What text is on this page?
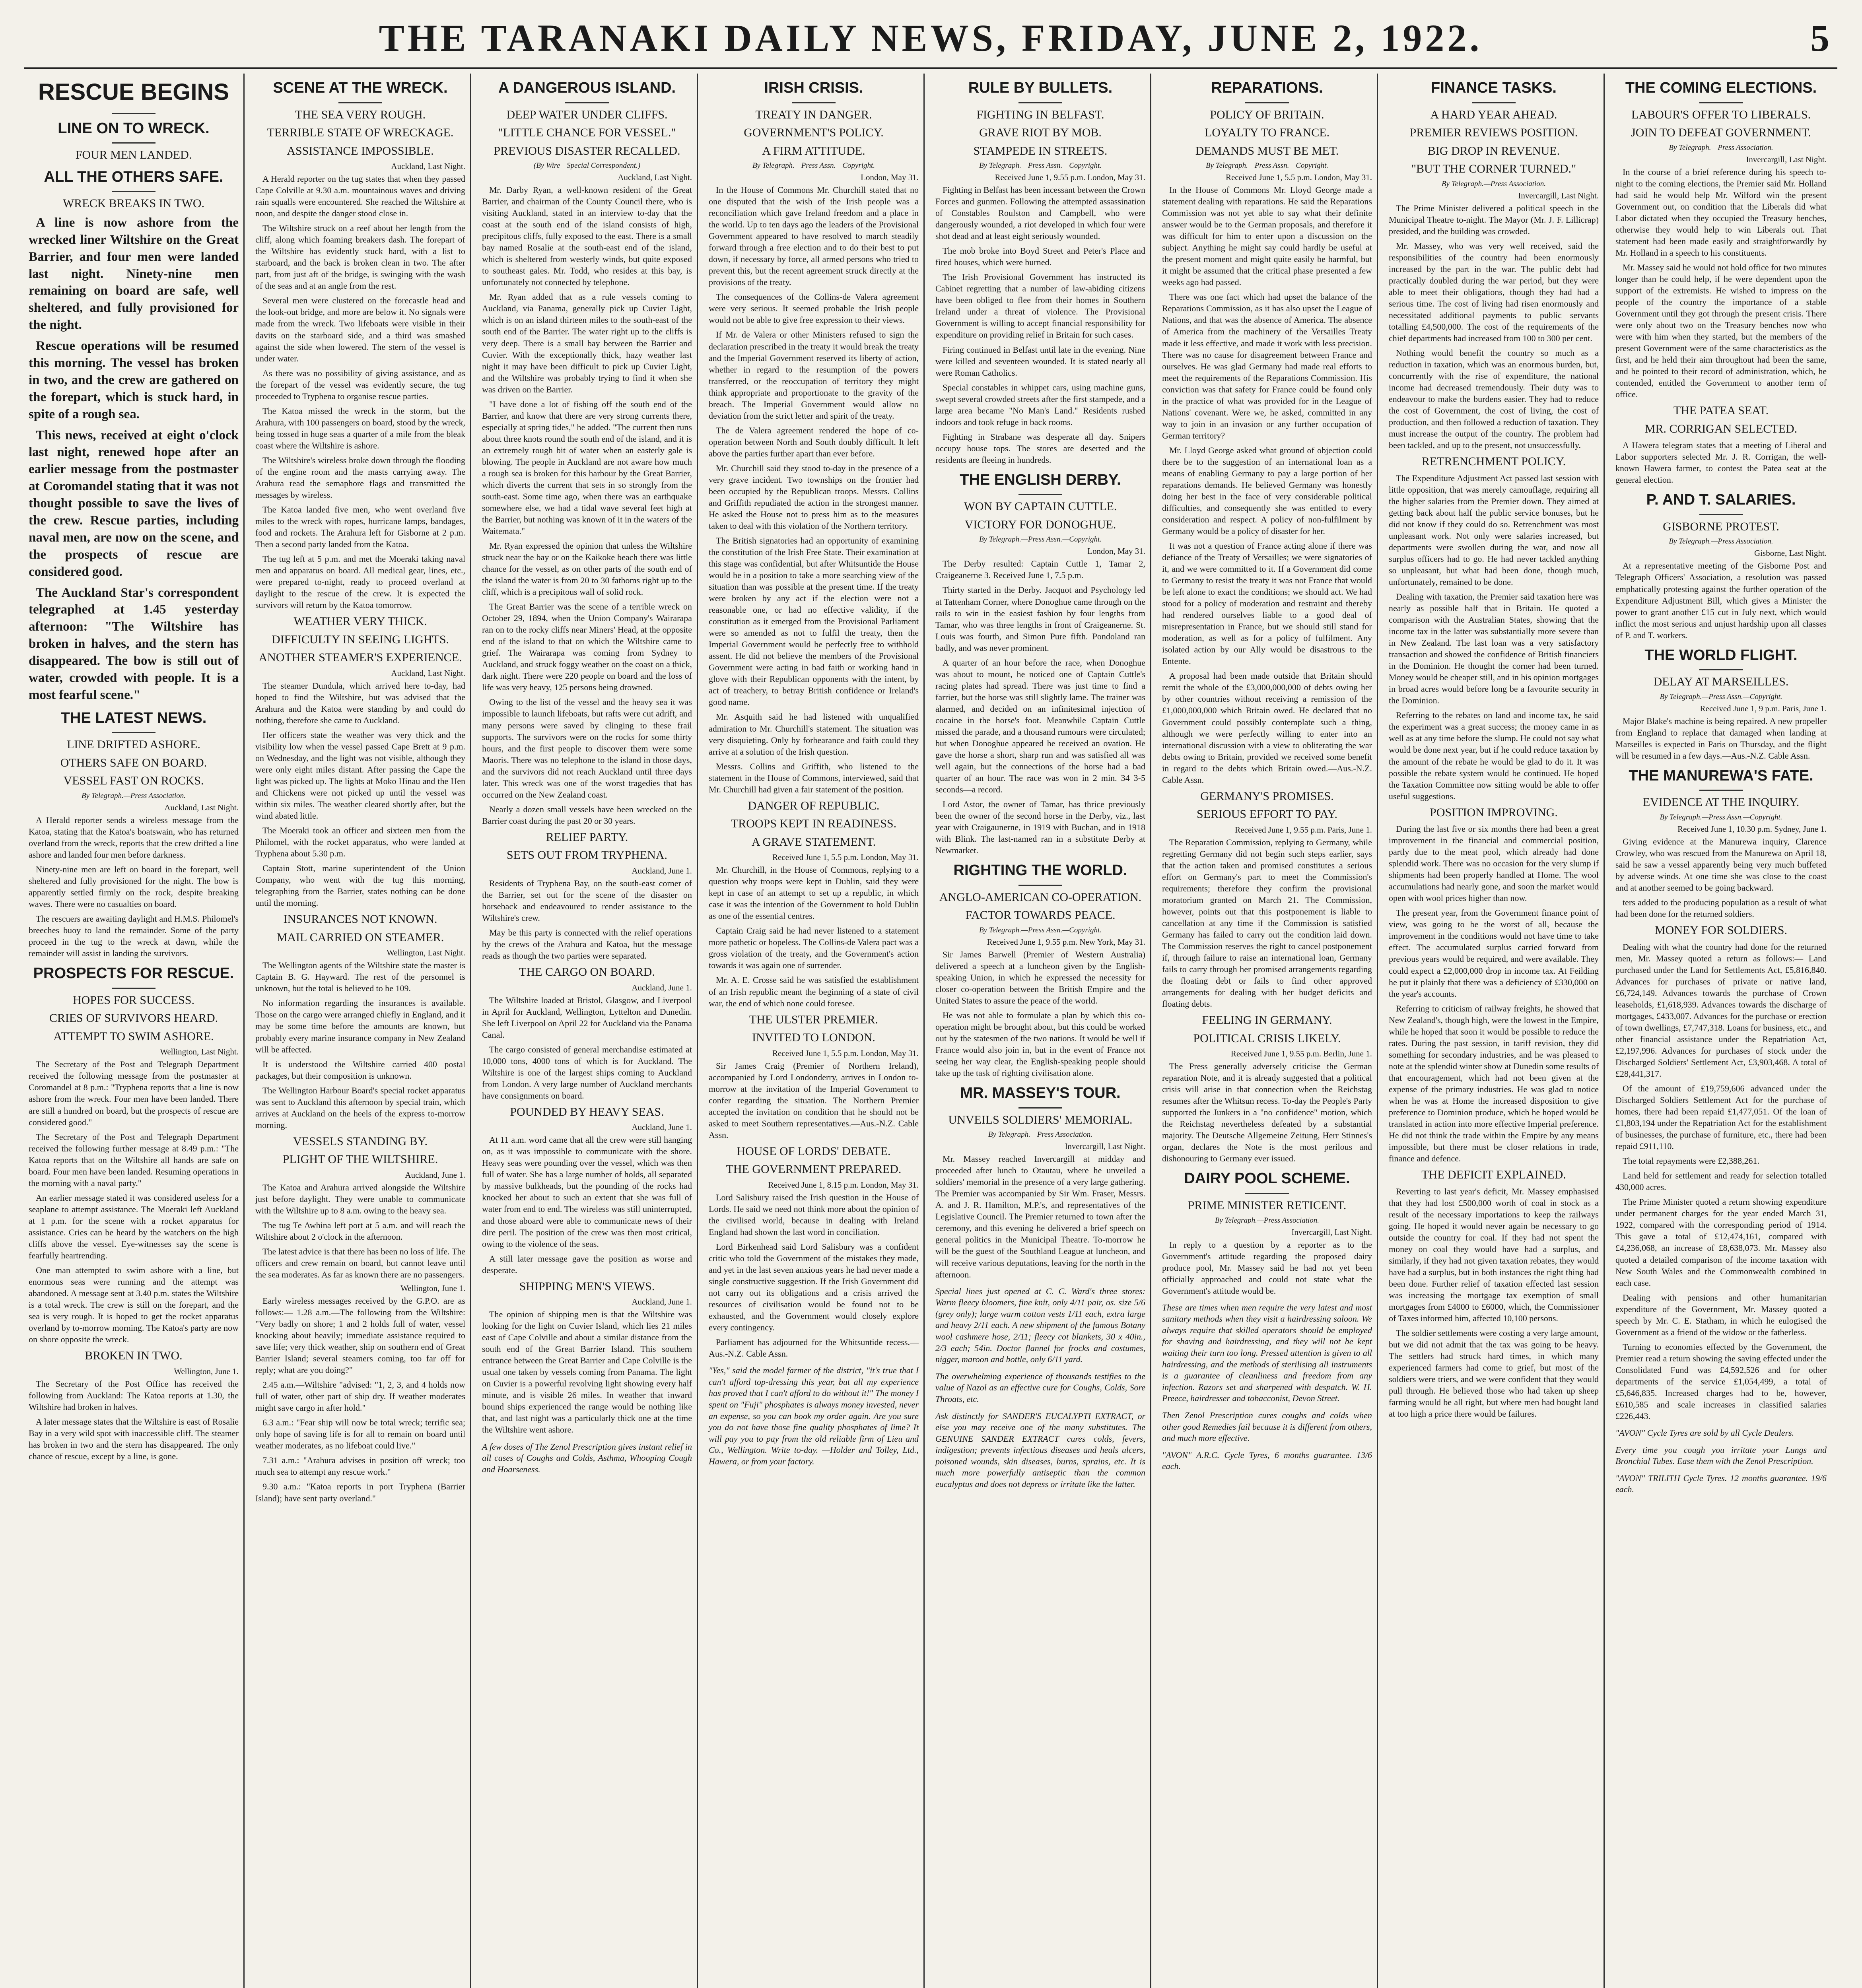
THE TARANAKI DAILY NEWS, FRIDAY, JUNE 2, 1922.	5
RESCUE BEGINS
LINE ON TO WRECK.
FOUR MEN LANDED.
ALL THE OTHERS SAFE.
WRECK BREAKS IN TWO.
A line is now ashore from the wrecked liner Wiltshire on the Great Barrier, and four men were landed last night. Ninety-nine men remaining on board are safe, well sheltered, and fully provisioned for the night.
Rescue operations will be resumed this morning. The vessel has broken in two, and the crew are gathered on the forepart, which is stuck hard, in spite of a rough sea.
This news, received at eight o'clock last night, renewed hope after an earlier message from the postmaster at Coromandel stating that it was not thought possible to save the lives of the crew. Rescue parties, including naval men, are now on the scene, and the prospects of rescue are considered good.
The Auckland Star's correspondent telegraphed at 1.45 yesterday afternoon: "The Wiltshire has broken in halves, and the stern has disappeared. The bow is still out of water, crowded with people. It is a most fearful scene."
THE LATEST NEWS.
LINE DRIFTED ASHORE.
OTHERS SAFE ON BOARD.
VESSEL FAST ON ROCKS.
By Telegraph.—Press Association.
Auckland, Last Night.
A Herald reporter sends a wireless message from the Katoa, stating that the Katoa's boatswain, who has returned overland from the wreck, reports that the crew drifted a line ashore and landed four men before darkness.
Ninety-nine men are left on board in the forepart, well sheltered and fully provisioned for the night. The bow is apparently settled firmly on the rock, despite breaking waves. There were no casualties on board.
The rescuers are awaiting daylight and H.M.S. Philomel's breeches buoy to land the remainder. Some of the party proceed in the tug to the wreck at dawn, while the remainder will assist in landing the survivors.
PROSPECTS FOR RESCUE.
HOPES FOR SUCCESS.
CRIES OF SURVIVORS HEARD.
ATTEMPT TO SWIM ASHORE.
Wellington, Last Night.
The Secretary of the Post and Telegraph Department received the following message from the postmaster at Coromandel at 8 p.m.: "Tryphena reports that a line is now ashore from the wreck. Four men have been landed. There are still a hundred on board, but the prospects of rescue are considered good."
The Secretary of the Post and Telegraph Department received the following further message at 8.49 p.m.: "The Katoa reports that on the Wiltshire all hands are safe on board. Four men have been landed. Resuming operations in the morning with a naval party."
An earlier message stated it was considered useless for a seaplane to attempt assistance. The Moeraki left Auckland at 1 p.m. for the scene with a rocket apparatus for assistance. Cries can be heard by the watchers on the high cliffs above the vessel. Eye-witnesses say the scene is fearfully heartrending.
One man attempted to swim ashore with a line, but enormous seas were running and the attempt was abandoned. A message sent at 3.40 p.m. states the Wiltshire is a total wreck. The crew is still on the forepart, and the sea is very rough. It is hoped to get the rocket apparatus overland by to-morrow morning. The Katoa's party are now on shore opposite the wreck.
BROKEN IN TWO.
Wellington, June 1.
The Secretary of the Post Office has received the following from Auckland: The Katoa reports at 1.30, the Wiltshire had broken in halves.
A later message states that the Wiltshire is east of Rosalie Bay in a very wild spot with inaccessible cliff. The steamer has broken in two and the stern has disappeared. The only chance of rescue, except by a line, is gone.
SCENE AT THE WRECK.
THE SEA VERY ROUGH.
TERRIBLE STATE OF WRECKAGE.
ASSISTANCE IMPOSSIBLE.
Auckland, Last Night.
A Herald reporter on the tug states that when they passed Cape Colville at 9.30 a.m. mountainous waves and driving rain squalls were encountered. She reached the Wiltshire at noon, and despite the danger stood close in.
The Wiltshire struck on a reef about her length from the cliff, along which foaming breakers dash. The forepart of the Wiltshire has evidently stuck hard, with a list to starboard, and the back is broken clean in two. The after part, from just aft of the bridge, is swinging with the wash of the seas and at an angle from the rest.
Several men were clustered on the forecastle head and the look-out bridge, and more are below it. No signals were made from the wreck. Two lifeboats were visible in their davits on the starboard side, and a third was smashed against the side when lowered. The stern of the vessel is under water.
As there was no possibility of giving assistance, and as the forepart of the vessel was evidently secure, the tug proceeded to Tryphena to organise rescue parties.
The Katoa missed the wreck in the storm, but the Arahura, with 100 passengers on board, stood by the wreck, being tossed in huge seas a quarter of a mile from the bleak coast where the Wiltshire is ashore.
The Wiltshire's wireless broke down through the flooding of the engine room and the masts carrying away. The Arahura read the semaphore flags and transmitted the messages by wireless.
The Katoa landed five men, who went overland five miles to the wreck with ropes, hurricane lamps, bandages, food and rockets. The Arahura left for Gisborne at 2 p.m. Then a second party landed from the Katoa.
The tug left at 5 p.m. and met the Moeraki taking naval men and apparatus on board. All medical gear, lines, etc., were prepared to-night, ready to proceed overland at daylight to the rescue of the crew. It is expected the survivors will return by the Katoa tomorrow.
WEATHER VERY THICK.
DIFFICULTY IN SEEING LIGHTS.
ANOTHER STEAMER'S EXPERIENCE.
Auckland, Last Night.
The steamer Dundula, which arrived here to-day, had hoped to find the Wiltshire, but was advised that the Arahura and the Katoa were standing by and could do nothing, therefore she came to Auckland.
Her officers state the weather was very thick and the visibility low when the vessel passed Cape Brett at 9 p.m. on Wednesday, and the light was not visible, although they were only eight miles distant. After passing the Cape the light was picked up. The lights at Moko Hinau and the Hen and Chickens were not picked up until the vessel was within six miles. The weather cleared shortly after, but the wind abated little.
The Moeraki took an officer and sixteen men from the Philomel, with the rocket apparatus, who were landed at Tryphena about 5.30 p.m.
Captain Stott, marine superintendent of the Union Company, who went with the tug this morning, telegraphing from the Barrier, states nothing can be done until the morning.
INSURANCES NOT KNOWN.
MAIL CARRIED ON STEAMER.
Wellington, Last Night.
The Wellington agents of the Wiltshire state the master is Captain B. G. Hayward. The rest of the personnel is unknown, but the total is believed to be 109.
No information regarding the insurances is available. Those on the cargo were arranged chiefly in England, and it may be some time before the amounts are known, but probably every marine insurance company in New Zealand will be affected.
It is understood the Wiltshire carried 400 postal packages, but their composition is unknown.
The Wellington Harbour Board's special rocket apparatus was sent to Auckland this afternoon by special train, which arrives at Auckland on the heels of the express to-morrow morning.
VESSELS STANDING BY.
PLIGHT OF THE WILTSHIRE.
Auckland, June 1.
The Katoa and Arahura arrived alongside the Wiltshire just before daylight. They were unable to communicate with the Wiltshire up to 8 a.m. owing to the heavy sea.
The tug Te Awhina left port at 5 a.m. and will reach the Wiltshire about 2 o'clock in the afternoon.
The latest advice is that there has been no loss of life. The officers and crew remain on board, but cannot leave until the sea moderates. As far as known there are no passengers.
Wellington, June 1.
Early wireless messages received by the G.P.O. are as follows:— 1.28 a.m.—The following from the Wiltshire: "Very badly on shore; 1 and 2 holds full of water, vessel knocking about heavily; immediate assistance required to save life; very thick weather, ship on southern end of Great Barrier Island; several steamers coming, too far off for reply; what are you doing?"
2.45 a.m.—Wiltshire "advised: "1, 2, 3, and 4 holds now full of water, other part of ship dry. If weather moderates might save cargo in after hold."
6.3 a.m.: "Fear ship will now be total wreck; terrific sea; only hope of saving life is for all to remain on board until weather moderates, as no lifeboat could live."
7.31 a.m.: "Arahura advises in position off wreck; too much sea to attempt any rescue work."
9.30 a.m.: "Katoa reports in port Tryphena (Barrier Island); have sent party overland."
A DANGEROUS ISLAND.
DEEP WATER UNDER CLIFFS.
"LITTLE CHANCE FOR VESSEL."
PREVIOUS DISASTER RECALLED.
(By Wire—Special Correspondent.)
Auckland, Last Night.
Mr. Darby Ryan, a well-known resident of the Great Barrier, and chairman of the County Council there, who is visiting Auckland, stated in an interview to-day that the coast at the south end of the island consists of high, precipitous cliffs, fully exposed to the east. There is a small bay named Rosalie at the south-east end of the island, which is sheltered from westerly winds, but quite exposed to southeast gales. Mr. Todd, who resides at this bay, is unfortunately not connected by telephone.
Mr. Ryan added that as a rule vessels coming to Auckland, via Panama, generally pick up Cuvier Light, which is on an island thirteen miles to the south-east of the south end of the Barrier. The water right up to the cliffs is very deep. There is a small bay between the Barrier and Cuvier. With the exceptionally thick, hazy weather last night it may have been difficult to pick up Cuvier Light, and the Wiltshire was probably trying to find it when she was driven on the Barrier.
"I have done a lot of fishing off the south end of the Barrier, and know that there are very strong currents there, especially at spring tides," he added. "The current then runs about three knots round the south end of the island, and it is an extremely rough bit of water when an easterly gale is blowing. The people in Auckland are not aware how much a rough sea is broken for this harbour by the Great Barrier, which diverts the current that sets in so strongly from the south-east. Some time ago, when there was an earthquake somewhere else, we had a tidal wave several feet high at the Barrier, but nothing was known of it in the waters of the Waitemata."
Mr. Ryan expressed the opinion that unless the Wiltshire struck near the bay or on the Kaikoke beach there was little chance for the vessel, as on other parts of the south end of the island the water is from 20 to 30 fathoms right up to the cliff, which is a precipitous wall of solid rock.
The Great Barrier was the scene of a terrible wreck on October 29, 1894, when the Union Company's Wairarapa ran on to the rocky cliffs near Miners' Head, at the opposite end of the island to that on which the Wiltshire came to grief. The Wairarapa was coming from Sydney to Auckland, and struck foggy weather on the coast on a thick, dark night. There were 220 people on board and the loss of life was very heavy, 125 persons being drowned.
Owing to the list of the vessel and the heavy sea it was impossible to launch lifeboats, but rafts were cut adrift, and many persons were saved by clinging to these frail supports. The survivors were on the rocks for some thirty hours, and the first people to discover them were some Maoris. There was no telephone to the island in those days, and the survivors did not reach Auckland until three days later. This wreck was one of the worst tragedies that has occurred on the New Zealand coast.
Nearly a dozen small vessels have been wrecked on the Barrier coast during the past 20 or 30 years.
RELIEF PARTY.
SETS OUT FROM TRYPHENA.
Auckland, June 1.
Residents of Tryphena Bay, on the south-east corner of the Barrier, set out for the scene of the disaster on horseback and endeavoured to render assistance to the Wiltshire's crew.
May be this party is connected with the relief operations by the crews of the Arahura and Katoa, but the message reads as though the two parties were separated.
THE CARGO ON BOARD.
Auckland, June 1.
The Wiltshire loaded at Bristol, Glasgow, and Liverpool in April for Auckland, Wellington, Lyttelton and Dunedin. She left Liverpool on April 22 for Auckland via the Panama Canal.
The cargo consisted of general merchandise estimated at 10,000 tons, 4000 tons of which is for Auckland. The Wiltshire is one of the largest ships coming to Auckland from London. A very large number of Auckland merchants have consignments on board.
POUNDED BY HEAVY SEAS.
Auckland, June 1.
At 11 a.m. word came that all the crew were still hanging on, as it was impossible to communicate with the shore. Heavy seas were pounding over the vessel, which was then full of water. She has a large number of holds, all separated by massive bulkheads, but the pounding of the rocks had knocked her about to such an extent that she was full of water from end to end. The wireless was still uninterrupted, and those aboard were able to communicate news of their dire peril. The position of the crew was then most critical, owing to the violence of the seas.
A still later message gave the position as worse and desperate.
SHIPPING MEN'S VIEWS.
Auckland, June 1.
The opinion of shipping men is that the Wiltshire was looking for the light on Cuvier Island, which lies 21 miles east of Cape Colville and about a similar distance from the south end of the Great Barrier Island. This southern entrance between the Great Barrier and Cape Colville is the usual one taken by vessels coming from Panama. The light on Cuvier is a powerful revolving light showing every half minute, and is visible 26 miles. In weather that inward bound ships experienced the range would be nothing like that, and last night was a particularly thick one at the time the Wiltshire went ashore.
A few doses of The Zenol Prescription gives instant relief in all cases of Coughs and Colds, Asthma, Whooping Cough and Hoarseness.
IRISH CRISIS.
TREATY IN DANGER.
GOVERNMENT'S POLICY.
A FIRM ATTITUDE.
By Telegraph.—Press Assn.—Copyright.
London, May 31.
In the House of Commons Mr. Churchill stated that no one disputed that the wish of the Irish people was a reconciliation which gave Ireland freedom and a place in the world. Up to ten days ago the leaders of the Provisional Government appeared to have resolved to march steadily forward through a free election and to do their best to put down, if necessary by force, all armed persons who tried to prevent this, but the recent agreement struck directly at the provisions of the treaty.
The consequences of the Collins-de Valera agreement were very serious. It seemed probable the Irish people would not be able to give free expression to their views.
If Mr. de Valera or other Ministers refused to sign the declaration prescribed in the treaty it would break the treaty and the Imperial Government reserved its liberty of action, whether in regard to the resumption of the powers transferred, or the reoccupation of territory they might think appropriate and proportionate to the gravity of the breach. The Imperial Government would allow no deviation from the strict letter and spirit of the treaty.
The de Valera agreement rendered the hope of co-operation between North and South doubly difficult. It left above the parties further apart than ever before.
Mr. Churchill said they stood to-day in the presence of a very grave incident. Two townships on the frontier had been occupied by the Republican troops. Messrs. Collins and Griffith repudiated the action in the strongest manner. He asked the House not to press him as to the measures taken to deal with this violation of the Northern territory.
The British signatories had an opportunity of examining the constitution of the Irish Free State. Their examination at this stage was confidential, but after Whitsuntide the House would be in a position to take a more searching view of the situation than was possible at the present time. If the treaty were broken by any act if the election were not a reasonable one, or had no effective validity, if the constitution as it emerged from the Provisional Parliament were so amended as not to fulfil the treaty, then the Imperial Government would be perfectly free to withhold assent. He did not believe the members of the Provisional Government were acting in bad faith or working hand in glove with their Republican opponents with the intent, by act of treachery, to betray British confidence or Ireland's good name.
Mr. Asquith said he had listened with unqualified admiration to Mr. Churchill's statement. The situation was very disquieting. Only by forbearance and faith could they arrive at a solution of the Irish question.
Messrs. Collins and Griffith, who listened to the statement in the House of Commons, interviewed, said that Mr. Churchill had given a fair statement of the position.
DANGER OF REPUBLIC.
TROOPS KEPT IN READINESS.
A GRAVE STATEMENT.
Received June 1, 5.5 p.m. London, May 31.
Mr. Churchill, in the House of Commons, replying to a question why troops were kept in Dublin, said they were kept in case of an attempt to set up a republic, in which case it was the intention of the Government to hold Dublin as one of the essential centres.
Captain Craig said he had never listened to a statement more pathetic or hopeless. The Collins-de Valera pact was a gross violation of the treaty, and the Government's action towards it was again one of surrender.
Mr. A. E. Crosse said he was satisfied the establishment of an Irish republic meant the beginning of a state of civil war, the end of which none could foresee.
THE ULSTER PREMIER.
INVITED TO LONDON.
Received June 1, 5.5 p.m. London, May 31.
Sir James Craig (Premier of Northern Ireland), accompanied by Lord Londonderry, arrives in London to-morrow at the invitation of the Imperial Government to confer regarding the situation. The Northern Premier accepted the invitation on condition that he should not be asked to meet Southern representatives.—Aus.-N.Z. Cable Assn.
HOUSE OF LORDS' DEBATE.
THE GOVERNMENT PREPARED.
Received June 1, 8.15 p.m. London, May 31.
Lord Salisbury raised the Irish question in the House of Lords. He said we need not think more about the opinion of the civilised world, because in dealing with Ireland England had shown the last word in conciliation.
Lord Birkenhead said Lord Salisbury was a confident critic who told the Government of the mistakes they made, and yet in the last seven anxious years he had never made a single constructive suggestion. If the Irish Government did not carry out its obligations and a crisis arrived the resources of civilisation would be found not to be exhausted, and the Government would closely explore every contingency.
Parliament has adjourned for the Whitsuntide recess.—Aus.-N.Z. Cable Assn.
"Yes," said the model farmer of the district, "it's true that I can't afford top-dressing this year, but all my experience has proved that I can't afford to do without it!" The money I spent on "Fuji" phosphates is always money invested, never an expense, so you can book my order again. Are you sure you do not have those fine quality phosphates of lime? It will pay you to pay from the old reliable firm of Lieu and Co., Wellington. Write to-day. —Holder and Tolley, Ltd., Hawera, or from your factory.
RULE BY BULLETS.
FIGHTING IN BELFAST.
GRAVE RIOT BY MOB.
STAMPEDE IN STREETS.
By Telegraph.—Press Assn.—Copyright.
Received June 1, 9.55 p.m. London, May 31.
Fighting in Belfast has been incessant between the Crown Forces and gunmen. Following the attempted assassination of Constables Roulston and Campbell, who were dangerously wounded, a riot developed in which four were shot dead and at least eight seriously wounded.
The mob broke into Boyd Street and Peter's Place and fired houses, which were burned.
The Irish Provisional Government has instructed its Cabinet regretting that a number of law-abiding citizens have been obliged to flee from their homes in Southern Ireland under a threat of violence. The Provisional Government is willing to accept financial responsibility for expenditure on providing relief in Britain for such cases.
Firing continued in Belfast until late in the evening. Nine were killed and seventeen wounded. It is stated nearly all were Roman Catholics.
Special constables in whippet cars, using machine guns, swept several crowded streets after the first stampede, and a large area became "No Man's Land." Residents rushed indoors and took refuge in back rooms.
Fighting in Strabane was desperate all day. Snipers occupy house tops. The stores are deserted and the residents are fleeing in hundreds.
THE ENGLISH DERBY.
WON BY CAPTAIN CUTTLE.
VICTORY FOR DONOGHUE.
By Telegraph.—Press Assn.—Copyright.
London, May 31.
The Derby resulted: Captain Cuttle 1, Tamar 2, Craigeanerne 3. Received June 1, 7.5 p.m.
Thirty started in the Derby. Jacquot and Psychology led at Tattenham Corner, where Donoghue came through on the rails to win in the easiest fashion by four lengths from Tamar, who was three lengths in front of Craigeanerne. St. Louis was fourth, and Simon Pure fifth. Pondoland ran badly, and was never prominent.
A quarter of an hour before the race, when Donoghue was about to mount, he noticed one of Captain Cuttle's racing plates had spread. There was just time to find a farrier, but the horse was still slightly lame. The trainer was alarmed, and decided on an infinitesimal injection of cocaine in the horse's foot. Meanwhile Captain Cuttle missed the parade, and a thousand rumours were circulated; but when Donoghue appeared he received an ovation. He gave the horse a short, sharp run and was satisfied all was well again, but the connections of the horse had a bad quarter of an hour. The race was won in 2 min. 34 3-5 seconds—a record.
Lord Astor, the owner of Tamar, has thrice previously been the owner of the second horse in the Derby, viz., last year with Craigaunerne, in 1919 with Buchan, and in 1918 with Blink. The last-named ran in a substitute Derby at Newmarket.
RIGHTING THE WORLD.
ANGLO-AMERICAN CO-OPERATION.
FACTOR TOWARDS PEACE.
By Telegraph.—Press Assn.—Copyright.
Received June 1, 9.55 p.m. New York, May 31.
Sir James Barwell (Premier of Western Australia) delivered a speech at a luncheon given by the English-speaking Union, in which he expressed the necessity for closer co-operation between the British Empire and the United States to assure the peace of the world.
He was not able to formulate a plan by which this co-operation might be brought about, but this could be worked out by the statesmen of the two nations. It would be well if France would also join in, but in the event of France not seeing her way clear, the English-speaking people should take up the task of righting civilisation alone.
MR. MASSEY'S TOUR.
UNVEILS SOLDIERS' MEMORIAL.
By Telegraph.—Press Association.
Invercargill, Last Night.
Mr. Massey reached Invercargill at midday and proceeded after lunch to Otautau, where he unveiled a soldiers' memorial in the presence of a very large gathering. The Premier was accompanied by Sir Wm. Fraser, Messrs. A. and J. R. Hamilton, M.P.'s, and representatives of the Legislative Council. The Premier returned to town after the ceremony, and this evening he delivered a brief speech on general politics in the Municipal Theatre. To-morrow he will be the guest of the Southland League at luncheon, and will receive various deputations, leaving for the north in the afternoon.
Special lines just opened at C. C. Ward's three stores: Warm fleecy bloomers, fine knit, only 4/11 pair, os. size 5/6 (grey only); large warm cotton vests 1/11 each, extra large and heavy 2/11 each. A new shipment of the famous Botany wool cashmere hose, 2/11; fleecy cot blankets, 30 x 40in., 2/3 each; 54in. Doctor flannel for frocks and costumes, nigger, maroon and bottle, only 6/11 yard.
The overwhelming experience of thousands testifies to the value of Nazol as an effective cure for Coughs, Colds, Sore Throats, etc.
Ask distinctly for SANDER'S EUCALYPTI EXTRACT, or else you may receive one of the many substitutes. The GENUINE SANDER EXTRACT cures colds, fevers, indigestion; prevents infectious diseases and heals ulcers, poisoned wounds, skin diseases, burns, sprains, etc. It is much more powerfully antiseptic than the common eucalyptus and does not depress or irritate like the latter.
REPARATIONS.
POLICY OF BRITAIN.
LOYALTY TO FRANCE.
DEMANDS MUST BE MET.
By Telegraph.—Press Assn.—Copyright.
Received June 1, 5.5 p.m. London, May 31.
In the House of Commons Mr. Lloyd George made a statement dealing with reparations. He said the Reparations Commission was not yet able to say what their definite answer would be to the German proposals, and therefore it was difficult for him to enter upon a discussion on the subject. Anything he might say could hardly be useful at the present moment and might quite easily be harmful, but it might be assumed that the critical phase presented a few weeks ago had passed.
There was one fact which had upset the balance of the Reparations Commission, as it has also upset the League of Nations, and that was the absence of America. The absence of America from the machinery of the Versailles Treaty made it less effective, and made it work with less precision. There was no cause for disagreement between France and ourselves. He was glad Germany had made real efforts to meet the requirements of the Reparations Commission. His conviction was that safety for France could be found only in the practice of what was provided for in the League of Nations' covenant. Were we, he asked, committed in any way to join in an invasion or any further occupation of German territory?
Mr. Lloyd George asked what ground of objection could there be to the suggestion of an international loan as a means of enabling Germany to pay a large portion of her reparations demands. He believed Germany was honestly doing her best in the face of very considerable political difficulties, and consequently she was entitled to every consideration and respect. A policy of non-fulfilment by Germany would be a policy of disaster for her.
It was not a question of France acting alone if there was defiance of the Treaty of Versailles; we were signatories of it, and we were committed to it. If a Government did come to Germany to resist the treaty it was not France that would be left alone to exact the conditions; we should act. We had stood for a policy of moderation and restraint and thereby had rendered ourselves liable to a good deal of misrepresentation in France, but we should still stand for moderation, as well as for a policy of fulfilment. Any isolated action by our Ally would be disastrous to the Entente.
A proposal had been made outside that Britain should remit the whole of the £3,000,000,000 of debts owing her by other countries without receiving a remission of the £1,000,000,000 which Britain owed. He declared that no Government could possibly contemplate such a thing, although we were perfectly willing to enter into an international discussion with a view to obliterating the war debts owing to Britain, provided we received some benefit in regard to the debts which Britain owed.—Aus.-N.Z. Cable Assn.
GERMANY'S PROMISES.
SERIOUS EFFORT TO PAY.
Received June 1, 9.55 p.m. Paris, June 1.
The Reparation Commission, replying to Germany, while regretting Germany did not begin such steps earlier, says that the action taken and promised constitutes a serious effort on Germany's part to meet the Commission's requirements; therefore they confirm the provisional moratorium granted on March 21. The Commission, however, points out that this postponement is liable to cancellation at any time if the Commission is satisfied Germany has failed to carry out the condition laid down. The Commission reserves the right to cancel postponement if, through failure to raise an international loan, Germany fails to carry through her promised arrangements regarding the floating debt or fails to find other approved arrangements for dealing with her budget deficits and floating debts.
FEELING IN GERMANY.
POLITICAL CRISIS LIKELY.
Received June 1, 9.55 p.m. Berlin, June 1.
The Press generally adversely criticise the German reparation Note, and it is already suggested that a political crisis will arise in that connection when the Reichstag resumes after the Whitsun recess. To-day the People's Party supported the Junkers in a "no confidence" motion, which the Reichstag nevertheless defeated by a substantial majority. The Deutsche Allgemeine Zeitung, Herr Stinnes's organ, declares the Note is the most perilous and dishonouring to Germany ever issued.
DAIRY POOL SCHEME.
PRIME MINISTER RETICENT.
By Telegraph.—Press Association.
Invercargill, Last Night.
In reply to a question by a reporter as to the Government's attitude regarding the proposed dairy produce pool, Mr. Massey said he had not yet been officially approached and could not state what the Government's attitude would be.
These are times when men require the very latest and most sanitary methods when they visit a hairdressing saloon. We always require that skilled operators should be employed for shaving and hairdressing, and they will not be kept waiting their turn too long. Pressed attention is given to all hairdressing, and the methods of sterilising all instruments is a guarantee of cleanliness and freedom from any infection. Razors set and sharpened with despatch. W. H. Preece, hairdresser and tobacconist, Devon Street.
Then Zenol Prescription cures coughs and colds when other good Remedies fail because it is different from others, and much more effective.
"AVON" A.R.C. Cycle Tyres, 6 months guarantee. 13/6 each.
FINANCE TASKS.
A HARD YEAR AHEAD.
PREMIER REVIEWS POSITION.
BIG DROP IN REVENUE.
"BUT THE CORNER TURNED."
By Telegraph.—Press Association.
Invercargill, Last Night.
The Prime Minister delivered a political speech in the Municipal Theatre to-night. The Mayor (Mr. J. F. Lillicrap) presided, and the building was crowded.
Mr. Massey, who was very well received, said the responsibilities of the country had been enormously increased by the part in the war. The public debt had practically doubled during the war period, but they were able to meet their obligations, though they had had a serious time. The cost of living had risen enormously and necessitated additional payments to public servants totalling £4,500,000. The cost of the requirements of the chief departments had increased from 100 to 300 per cent.
Nothing would benefit the country so much as a reduction in taxation, which was an enormous burden, but, concurrently with the rise of expenditure, the national income had decreased tremendously. Their duty was to endeavour to make the burdens easier. They had to reduce the cost of Government, the cost of living, the cost of production, and then followed a reduction of taxation. They must increase the output of the country. The problem had been tackled, and up to the present, not unsuccessfully.
RETRENCHMENT POLICY.
The Expenditure Adjustment Act passed last session with little opposition, that was merely camouflage, requiring all the higher salaries from the Premier down. They aimed at getting back about half the public service bonuses, but he did not know if they could do so. Retrenchment was most unpleasant work. Not only were salaries increased, but departments were swollen during the war, and now all surplus officers had to go. He had never tackled anything so unpleasant, but what had been done, though much, unfortunately, remained to be done.
Dealing with taxation, the Premier said taxation here was nearly as possible half that in Britain. He quoted a comparison with the Australian States, showing that the income tax in the latter was substantially more severe than in New Zealand. The last loan was a very satisfactory transaction and showed the confidence of British financiers in the Dominion. He thought the corner had been turned. Money would be cheaper still, and in his opinion mortgages in broad acres would before long be a favourite security in the Dominion.
Referring to the rebates on land and income tax, he said the experiment was a great success; the money came in as well as at any time before the slump. He could not say what would be done next year, but if he could reduce taxation by the amount of the rebate he would be glad to do it. It was possible the rebate system would be continued. He hoped the Taxation Committee now sitting would be able to offer useful suggestions.
POSITION IMPROVING.
During the last five or six months there had been a great improvement in the financial and commercial position, partly due to the meat pool, which already had done splendid work. There was no occasion for the very slump if shipments had been properly handled at Home. The wool accumulations had nearly gone, and soon the market would open with wool prices higher than now.
The present year, from the Government finance point of view, was going to be the worst of all, because the improvement in the conditions would not have time to take effect. The accumulated surplus carried forward from previous years would be required, and were available. They could expect a £2,000,000 drop in income tax. At Feilding he put it plainly that there was a deficiency of £330,000 on the year's accounts.
Referring to criticism of railway freights, he showed that New Zealand's, though high, were the lowest in the Empire, while he hoped that soon it would be possible to reduce the rates. During the past session, in tariff revision, they did something for secondary industries, and he was pleased to note at the splendid winter show at Dunedin some results of that encouragement, which had not been given at the expense of the primary industries. He was glad to notice when he was at Home the increased disposition to give preference to Dominion produce, which he hoped would be translated in action into more effective Imperial preference. He did not think the trade within the Empire by any means impossible, but there must be closer relations in trade, finance and defence.
THE DEFICIT EXPLAINED.
Reverting to last year's deficit, Mr. Massey emphasised that they had lost £500,000 worth of coal in stock as a result of the necessary importations to keep the railways going. He hoped it would never again be necessary to go outside the country for coal. If they had not spent the money on coal they would have had a surplus, and similarly, if they had not given taxation rebates, they would have had a surplus, but in both instances the right thing had been done. Further relief of taxation effected last session was increasing the mortgage tax exemption of small mortgages from £4000 to £6000, which, the Commissioner of Taxes informed him, affected 10,100 persons.
The soldier settlements were costing a very large amount, but we did not admit that the tax was going to be heavy. The settlers had struck hard times, in which many experienced farmers had come to grief, but most of the soldiers were triers, and we were confident that they would pull through. He believed those who had taken up sheep farming would be all right, but where men had bought land at too high a price there would be failures.
THE COMING ELECTIONS.
LABOUR'S OFFER TO LIBERALS.
JOIN TO DEFEAT GOVERNMENT.
By Telegraph.—Press Association.
Invercargill, Last Night.
In the course of a brief reference during his speech to-night to the coming elections, the Premier said Mr. Holland had said he would help Mr. Wilford win the present Government out, on condition that the Liberals did what Labor dictated when they occupied the Treasury benches, otherwise they would help to win Liberals out. That statement had been made easily and straightforwardly by Mr. Holland in a speech to his constituents.
Mr. Massey said he would not hold office for two minutes longer than he could help, if he were dependent upon the support of the extremists. He wished to impress on the people of the country the importance of a stable Government until they got through the present crisis. There were only about two on the Treasury benches now who were with him when they started, but the members of the present Government were of the same characteristics as the first, and he held their aim throughout had been the same, and he pointed to their record of administration, which, he contended, entitled the Government to another term of office.
THE PATEA SEAT.
MR. CORRIGAN SELECTED.
A Hawera telegram states that a meeting of Liberal and Labor supporters selected Mr. J. R. Corrigan, the well-known Hawera farmer, to contest the Patea seat at the general election.
P. AND T. SALARIES.
GISBORNE PROTEST.
By Telegraph.—Press Association.
Gisborne, Last Night.
At a representative meeting of the Gisborne Post and Telegraph Officers' Association, a resolution was passed emphatically protesting against the further operation of the Expenditure Adjustment Bill, which gives a Minister the power to grant another £15 cut in July next, which would inflict the most serious and unjust hardship upon all classes of P. and T. workers.
THE WORLD FLIGHT.
DELAY AT MARSEILLES.
By Telegraph.—Press Assn.—Copyright.
Received June 1, 9 p.m. Paris, June 1.
Major Blake's machine is being repaired. A new propeller from England to replace that damaged when landing at Marseilles is expected in Paris on Thursday, and the flight will be resumed in a few days.—Aus.-N.Z. Cable Assn.
THE MANUREWA'S FATE.
EVIDENCE AT THE INQUIRY.
By Telegraph.—Press Assn.—Copyright.
Received June 1, 10.30 p.m. Sydney, June 1.
Giving evidence at the Manurewa inquiry, Clarence Crowley, who was rescued from the Manurewa on April 18, said he saw a vessel apparently being very much buffeted by adverse winds. At one time she was close to the coast and at another seemed to be going backward.
ters added to the producing population as a result of what had been done for the returned soldiers.
MONEY FOR SOLDIERS.
Dealing with what the country had done for the returned men, Mr. Massey quoted a return as follows:— Land purchased under the Land for Settlements Act, £5,816,840. Advances for purchases of private or native land, £6,724,149. Advances towards the purchase of Crown leaseholds, £1,618,939. Advances towards the discharge of mortgages, £433,007. Advances for the purchase or erection of town dwellings, £7,747,318. Loans for business, etc., and other financial assistance under the Repatriation Act, £2,197,996. Advances for purchases of stock under the Discharged Soldiers' Settlement Act, £3,903,468. A total of £28,441,317.
Of the amount of £19,759,606 advanced under the Discharged Soldiers Settlement Act for the purchase of homes, there had been repaid £1,477,051. Of the loan of £1,803,194 under the Repatriation Act for the establishment of businesses, the purchase of furniture, etc., there had been repaid £911,110.
The total repayments were £2,388,261.
Land held for settlement and ready for selection totalled 430,000 acres.
The Prime Minister quoted a return showing expenditure under permanent charges for the year ended March 31, 1922, compared with the corresponding period of 1914. This gave a total of £12,474,161, compared with £4,236,068, an increase of £8,638,073. Mr. Massey also quoted a detailed comparison of the income taxation with New South Wales and the Commonwealth combined in each case.
Dealing with pensions and other humanitarian expenditure of the Government, Mr. Massey quoted a speech by Mr. C. E. Statham, in which he eulogised the Government as a friend of the widow or the fatherless.
Turning to economies effected by the Government, the Premier read a return showing the saving effected under the Consolidated Fund was £4,592,526 and for other departments of the service £1,054,499, a total of £5,646,835. Increased charges had to be, however, £610,585 and scale increases in classified salaries £226,443.
"AVON" Cycle Tyres are sold by all Cycle Dealers.
Every time you cough you irritate your Lungs and Bronchial Tubes. Ease them with the Zenol Prescription.
"AVON" TRILITH Cycle Tyres. 12 months guarantee. 19/6 each.
